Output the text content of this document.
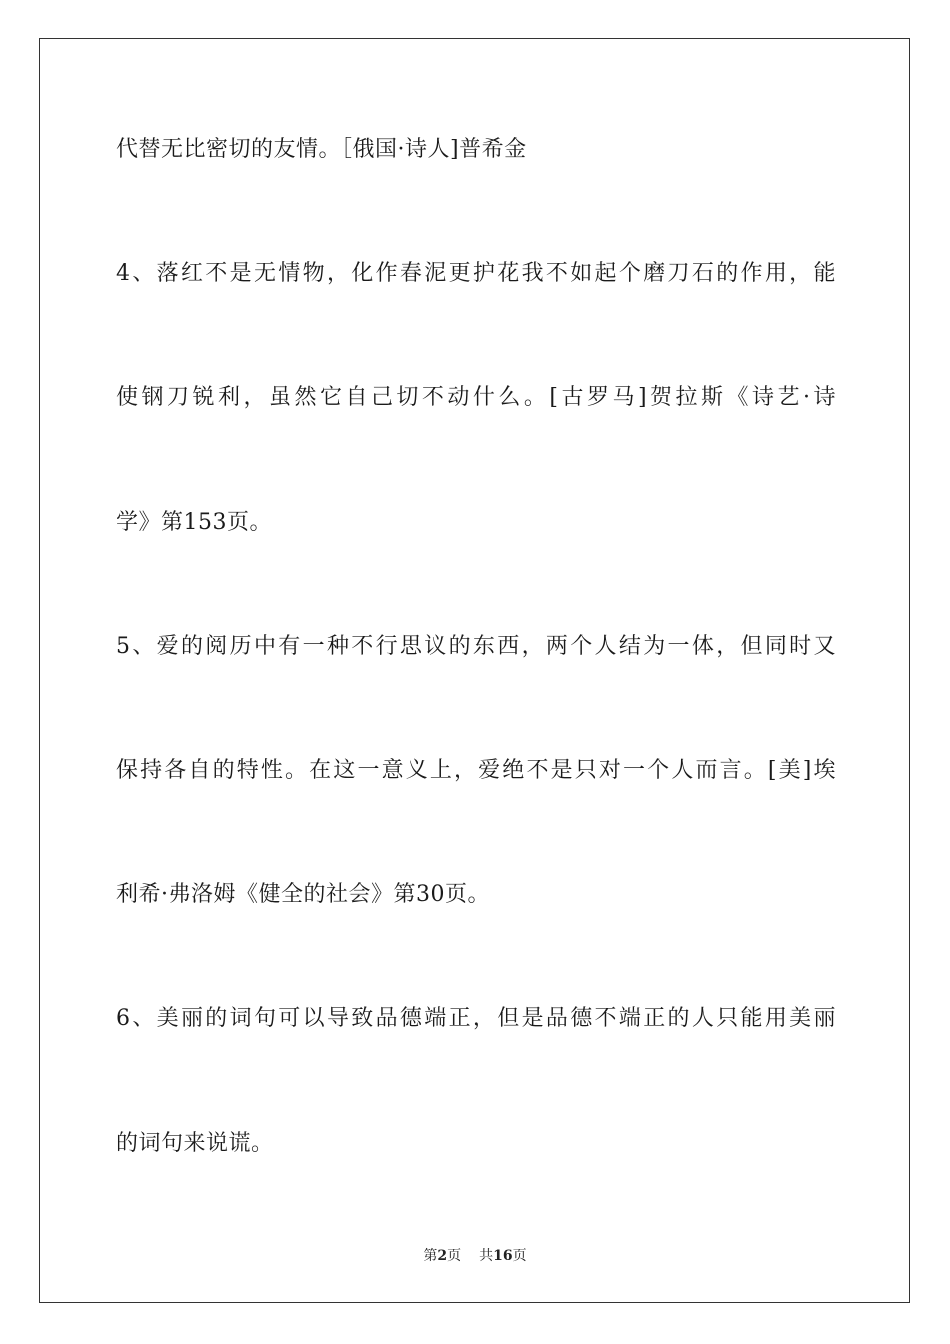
代替无比密切的友情。［俄国·诗人]普希金
4、落红不是无情物，化作春泥更护花我不如起个磨刀石的作用，能
使钢刀锐利，虽然它自己切不动什么。[古罗马]贺拉斯《诗艺·诗
学》第153页。
5、爱的阅历中有一种不行思议的东西，两个人结为一体，但同时又
保持各自的特性。在这一意义上，爱绝不是只对一个人而言。[美]埃
利希·弗洛姆《健全的社会》第30页。
6、美丽的词句可以导致品德端正，但是品德不端正的人只能用美丽
的词句来说谎。
第2页 共16页
